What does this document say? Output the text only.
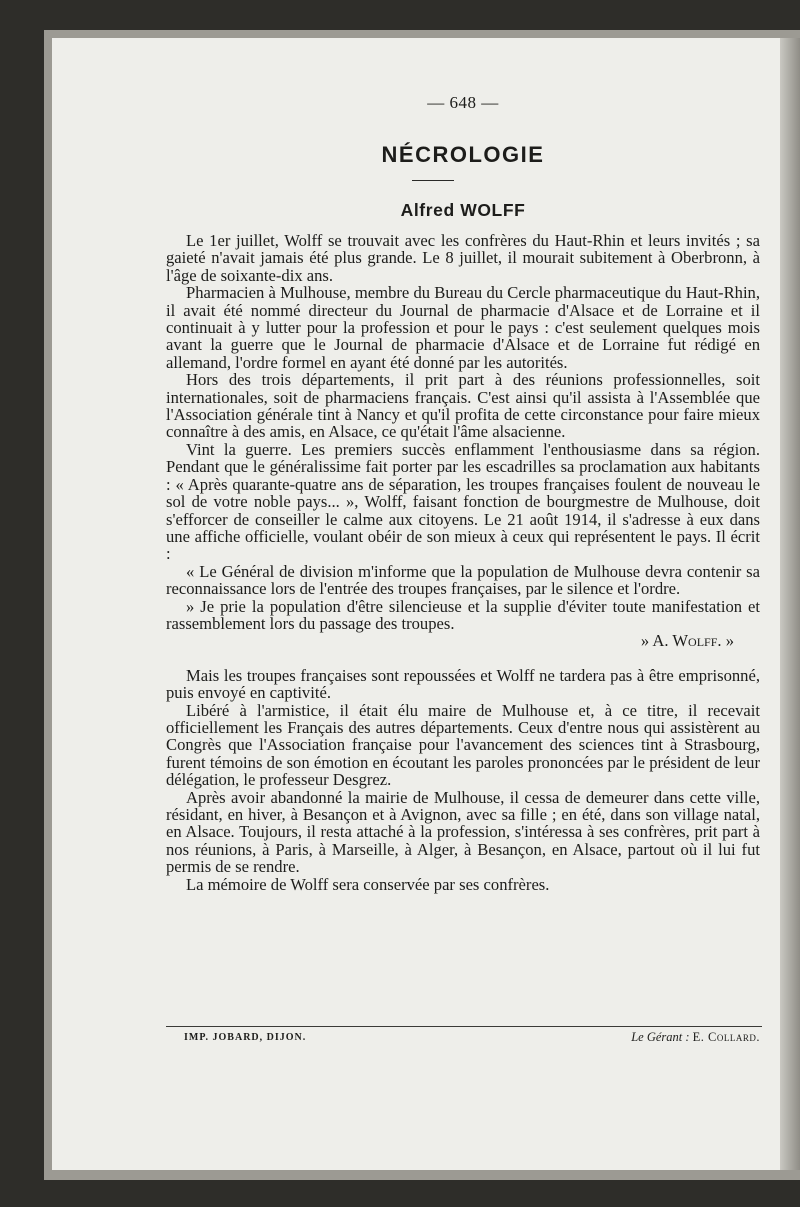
— 648 —
NÉCROLOGIE
Alfred WOLFF

Le 1er juillet, Wolff se trouvait avec les confrères du Haut-Rhin et leurs invités ; sa gaieté n'avait jamais été plus grande. Le 8 juillet, il mourait subitement à Oberbronn, à l'âge de soixante-dix ans.

Pharmacien à Mulhouse, membre du Bureau du Cercle pharmaceutique du Haut-Rhin, il avait été nommé directeur du Journal de pharmacie d'Alsace et de Lorraine et il continuait à y lutter pour la profession et pour le pays : c'est seulement quelques mois avant la guerre que le Journal de pharmacie d'Alsace et de Lorraine fut rédigé en allemand, l'ordre formel en ayant été donné par les autorités.

Hors des trois départements, il prit part à des réunions professionnelles, soit internationales, soit de pharmaciens français. C'est ainsi qu'il assista à l'Assemblée que l'Association générale tint à Nancy et qu'il profita de cette circonstance pour faire mieux connaître à des amis, en Alsace, ce qu'était l'âme alsacienne.

Vint la guerre. Les premiers succès enflamment l'enthousiasme dans sa région. Pendant que le généralissime fait porter par les escadrilles sa proclamation aux habitants : « Après quarante-quatre ans de séparation, les troupes françaises foulent de nouveau le sol de votre noble pays... », Wolff, faisant fonction de bourgmestre de Mulhouse, doit s'efforcer de conseiller le calme aux citoyens. Le 21 août 1914, il s'adresse à eux dans une affiche officielle, voulant obéir de son mieux à ceux qui représentent le pays. Il écrit :

« Le Général de division m'informe que la population de Mulhouse devra contenir sa reconnaissance lors de l'entrée des troupes françaises, par le silence et l'ordre.

» Je prie la population d'être silencieuse et la supplie d'éviter toute manifestation et rassemblement lors du passage des troupes.

» A. Wolff. »

Mais les troupes françaises sont repoussées et Wolff ne tardera pas à être emprisonné, puis envoyé en captivité.

Libéré à l'armistice, il était élu maire de Mulhouse et, à ce titre, il recevait officiellement les Français des autres départements. Ceux d'entre nous qui assistèrent au Congrès que l'Association française pour l'avancement des sciences tint à Strasbourg, furent témoins de son émotion en écoutant les paroles prononcées par le président de leur délégation, le professeur Desgrez.

Après avoir abandonné la mairie de Mulhouse, il cessa de demeurer dans cette ville, résidant, en hiver, à Besançon et à Avignon, avec sa fille ; en été, dans son village natal, en Alsace. Toujours, il resta attaché à la profession, s'intéressa à ses confrères, prit part à nos réunions, à Paris, à Marseille, à Alger, à Besançon, en Alsace, partout où il lui fut permis de se rendre.

La mémoire de Wolff sera conservée par ses confrères.

IMP. JOBARD, DIJON.	Le Gérant : E. Collard.
